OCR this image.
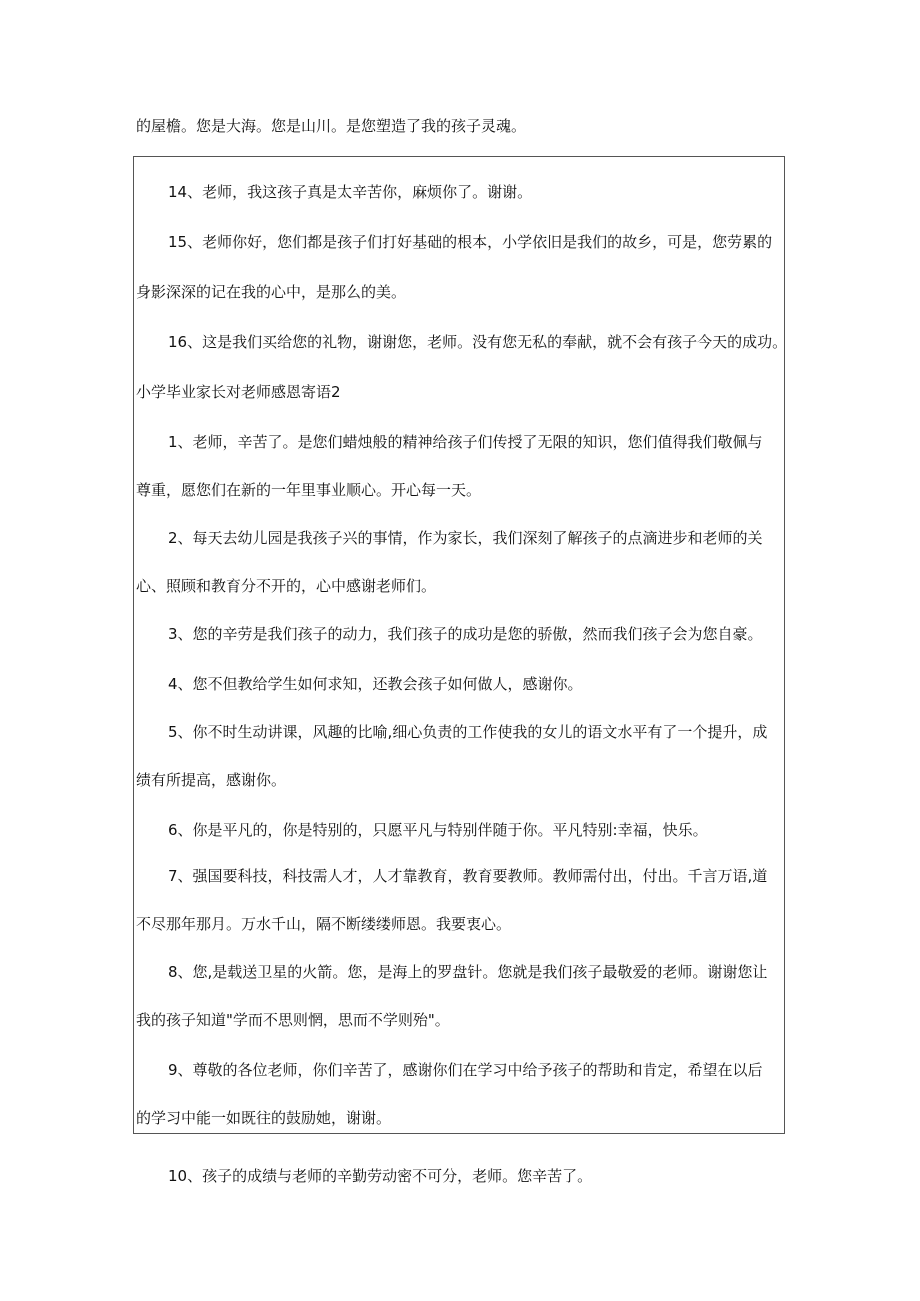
的屋檐。您是大海。您是山川。是您塑造了我的孩子灵魂。
14、老师，我这孩子真是太辛苦你，麻烦你了。谢谢。
15、老师你好，您们都是孩子们打好基础的根本，小学依旧是我们的故乡，可是，您劳累的
身影深深的记在我的心中，是那么的美。
16、这是我们买给您的礼物，谢谢您，老师。没有您无私的奉献，就不会有孩子今天的成功。
小学毕业家长对老师感恩寄语2
1、老师，辛苦了。是您们蜡烛般的精神给孩子们传授了无限的知识，您们值得我们敬佩与
尊重，愿您们在新的一年里事业顺心。开心每一天。
2、每天去幼儿园是我孩子兴的事情，作为家长，我们深刻了解孩子的点滴进步和老师的关
心、照顾和教育分不开的，心中感谢老师们。
3、您的辛劳是我们孩子的动力，我们孩子的成功是您的骄傲，然而我们孩子会为您自豪。
4、您不但教给学生如何求知，还教会孩子如何做人，感谢你。
5、你不时生动讲课，风趣的比喻,细心负责的工作使我的女儿的语文水平有了一个提升，成
绩有所提高，感谢你。
6、你是平凡的，你是特别的，只愿平凡与特别伴随于你。平凡特别:幸福，快乐。
7、强国要科技，科技需人才，人才靠教育，教育要教师。教师需付出，付出。千言万语,道
不尽那年那月。万水千山，隔不断缕缕师恩。我要衷心。
8、您,是载送卫星的火箭。您，是海上的罗盘针。您就是我们孩子最敬爱的老师。谢谢您让
我的孩子知道"学而不思则惘，思而不学则殆"。
9、尊敬的各位老师，你们辛苦了，感谢你们在学习中给予孩子的帮助和肯定，希望在以后
的学习中能一如既往的鼓励她，谢谢。
10、孩子的成绩与老师的辛勤劳动密不可分，老师。您辛苦了。
